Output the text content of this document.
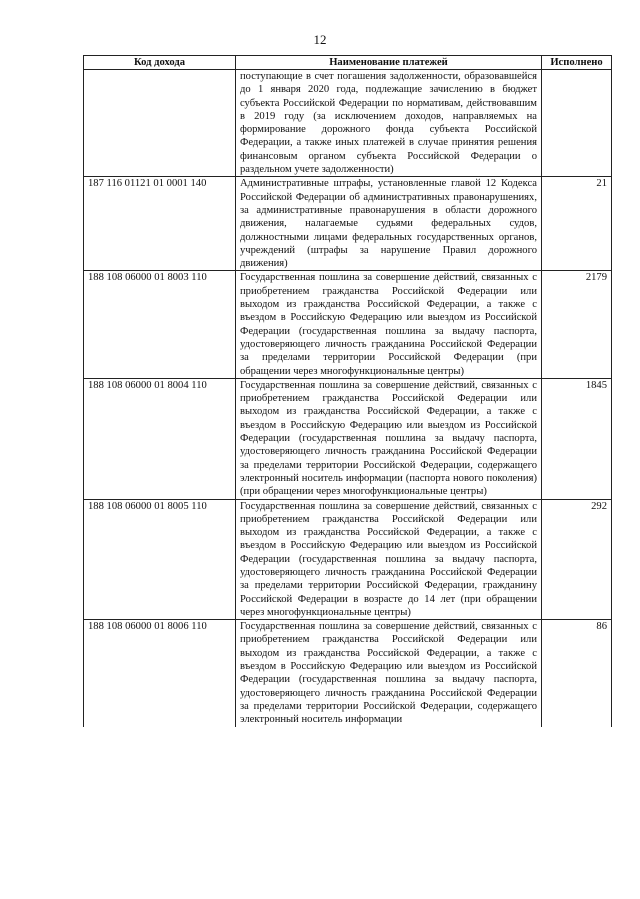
12
Код дохода	Наименование платежей	Исполнено
	поступающие в счет погашения задолженности, образовавшейся до 1 января 2020 года, подлежащие зачислению в бюджет субъекта Российской Федерации по нормативам, действовавшим в 2019 году (за исключением доходов, направляемых на формирование дорожного фонда субъекта Российской Федерации, а также иных платежей в случае принятия решения финансовым органом субъекта Российской Федерации о раздельном учете задолженности)	
187 116 01121 01 0001 140	Административные штрафы, установленные главой 12 Кодекса Российской Федерации об административных правонарушениях, за административные правонарушения в области дорожного движения, налагаемые судьями федеральных судов, должностными лицами федеральных государственных органов, учреждений (штрафы за нарушение Правил дорожного движения)	21
188 108 06000 01 8003 110	Государственная пошлина за совершение действий, связанных с приобретением гражданства Российской Федерации или выходом из гражданства Российской Федерации, а также с въездом в Российскую Федерацию или выездом из Российской Федерации (государственная пошлина за выдачу паспорта, удостоверяющего личность гражданина Российской Федерации за пределами территории Российской Федерации (при обращении через многофункциональные центры)	2179
188 108 06000 01 8004 110	Государственная пошлина за совершение действий, связанных с приобретением гражданства Российской Федерации или выходом из гражданства Российской Федерации, а также с въездом в Российскую Федерацию или выездом из Российской Федерации (государственная пошлина за выдачу паспорта, удостоверяющего личность гражданина Российской Федерации за пределами территории Российской Федерации, содержащего электронный носитель информации (паспорта нового поколения) (при обращении через многофункциональные центры)	1845
188 108 06000 01 8005 110	Государственная пошлина за совершение действий, связанных с приобретением гражданства Российской Федерации или выходом из гражданства Российской Федерации, а также с въездом в Российскую Федерацию или выездом из Российской Федерации (государственная пошлина за выдачу паспорта, удостоверяющего личность гражданина Российской Федерации за пределами территории Российской Федерации, гражданину Российской Федерации в возрасте до 14 лет (при обращении через многофункциональные центры)	292
188 108 06000 01 8006 110	Государственная пошлина за совершение действий, связанных с приобретением гражданства Российской Федерации или выходом из гражданства Российской Федерации, а также с въездом в Российскую Федерацию или выездом из Российской Федерации (государственная пошлина за выдачу паспорта, удостоверяющего личность гражданина Российской Федерации за пределами территории Российской Федерации, содержащего электронный носитель информации	86
